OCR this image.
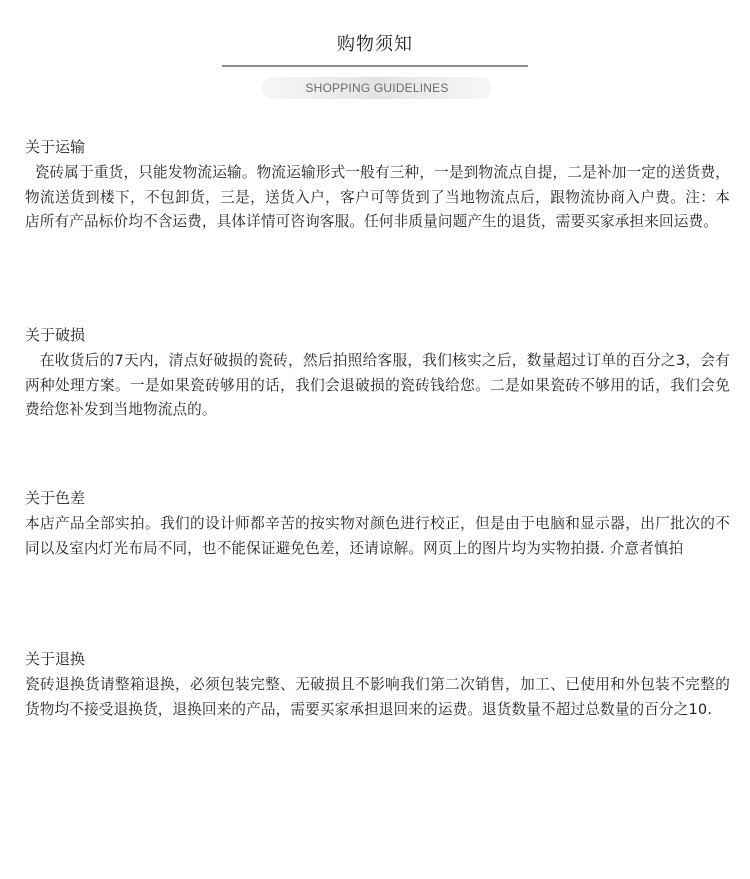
购物须知
SHOPPING GUIDELINES
关于运输
瓷砖属于重货，只能发物流运输。物流运输形式一般有三种，一是到物流点自提，二是补加一定的送货费，物流送货到楼下，不包卸货，三是，送货入户，客户可等货到了当地物流点后，跟物流协商入户费。注：本店所有产品标价均不含运费，具体详情可咨询客服。任何非质量问题产生的退货，需要买家承担来回运费。
关于破损
在收货后的7天内，清点好破损的瓷砖，然后拍照给客服，我们核实之后，数量超过订单的百分之3，会有两种处理方案。一是如果瓷砖够用的话，我们会退破损的瓷砖钱给您。二是如果瓷砖不够用的话，我们会免费给您补发到当地物流点的。
关于色差
本店产品全部实拍。我们的设计师都辛苦的按实物对颜色进行校正，但是由于电脑和显示器，出厂批次的不同以及室内灯光布局不同，也不能保证避免色差，还请谅解。网页上的图片均为实物拍摄. 介意者慎拍
关于退换
瓷砖退换货请整箱退换，必须包装完整、无破损且不影响我们第二次销售，加工、已使用和外包装不完整的货物均不接受退换货，退换回来的产品，需要买家承担退回来的运费。退货数量不超过总数量的百分之10.
